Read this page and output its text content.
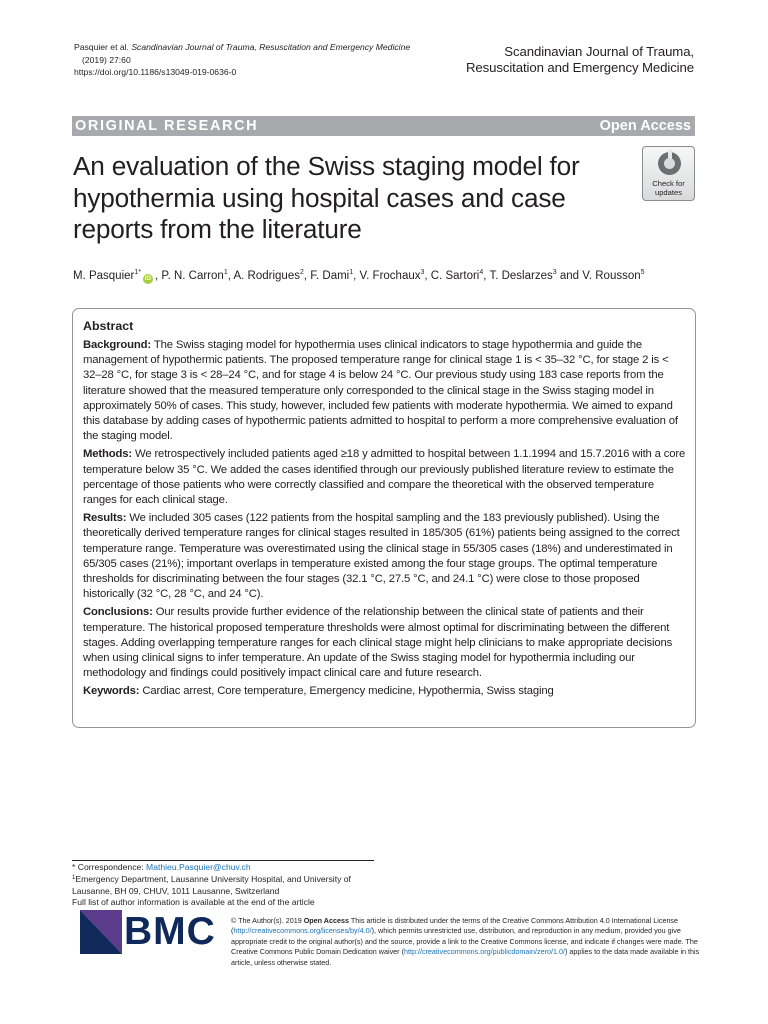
Pasquier et al. Scandinavian Journal of Trauma, Resuscitation and Emergency Medicine
(2019) 27:60
https://doi.org/10.1186/s13049-019-0636-0
Scandinavian Journal of Trauma,
Resuscitation and Emergency Medicine
ORIGINAL RESEARCH	Open Access
An evaluation of the Swiss staging model for hypothermia using hospital cases and case reports from the literature
Check for
updates
M. Pasquier$^{1*}$iD , P. N. Carron$^1$, A. Rodrigues$^2$, F. Dami$^1$, V. Frochaux$^3$, C. Sartori$^4$, T. Deslarzes$^3$ and V. Rousson$^5$
Abstract

Background: The Swiss staging model for hypothermia uses clinical indicators to stage hypothermia and guide the management of hypothermic patients. The proposed temperature range for clinical stage 1 is < 35–32 °C, for stage 2 is < 32–28 °C, for stage 3 is < 28–24 °C, and for stage 4 is below 24 °C. Our previous study using 183 case reports from the literature showed that the measured temperature only corresponded to the clinical stage in the Swiss staging model in approximately 50% of cases. This study, however, included few patients with moderate hypothermia. We aimed to expand this database by adding cases of hypothermic patients admitted to hospital to perform a more comprehensive evaluation of the staging model.

Methods: We retrospectively included patients aged ≥18 y admitted to hospital between 1.1.1994 and 15.7.2016 with a core temperature below 35 °C. We added the cases identified through our previously published literature review to estimate the percentage of those patients who were correctly classified and compare the theoretical with the observed temperature ranges for each clinical stage.

Results: We included 305 cases (122 patients from the hospital sampling and the 183 previously published). Using the theoretically derived temperature ranges for clinical stages resulted in 185/305 (61%) patients being assigned to the correct temperature range. Temperature was overestimated using the clinical stage in 55/305 cases (18%) and underestimated in 65/305 cases (21%); important overlaps in temperature existed among the four stage groups. The optimal temperature thresholds for discriminating between the four stages (32.1 °C, 27.5 °C, and 24.1 °C) were close to those proposed historically (32 °C, 28 °C, and 24 °C).

Conclusions: Our results provide further evidence of the relationship between the clinical state of patients and their temperature. The historical proposed temperature thresholds were almost optimal for discriminating between the different stages. Adding overlapping temperature ranges for each clinical stage might help clinicians to make appropriate decisions when using clinical signs to infer temperature. An update of the Swiss staging model for hypothermia including our methodology and findings could positively impact clinical care and future research.

Keywords: Cardiac arrest, Core temperature, Emergency medicine, Hypothermia, Swiss staging

* Correspondence: Mathieu.Pasquier@chuv.ch
$^1$Emergency Department, Lausanne University Hospital, and University of Lausanne, BH 09, CHUV, 1011 Lausanne, Switzerland
Full list of author information is available at the end of the article
BMC © The Author(s). 2019 Open Access This article is distributed under the terms of the Creative Commons Attribution 4.0 International License (http://creativecommons.org/licenses/by/4.0/), which permits unrestricted use, distribution, and reproduction in any medium, provided you give appropriate credit to the original author(s) and the source, provide a link to the Creative Commons license, and indicate if changes were made. The Creative Commons Public Domain Dedication waiver (http://creativecommons.org/publicdomain/zero/1.0/) applies to the data made available in this article, unless otherwise stated.
